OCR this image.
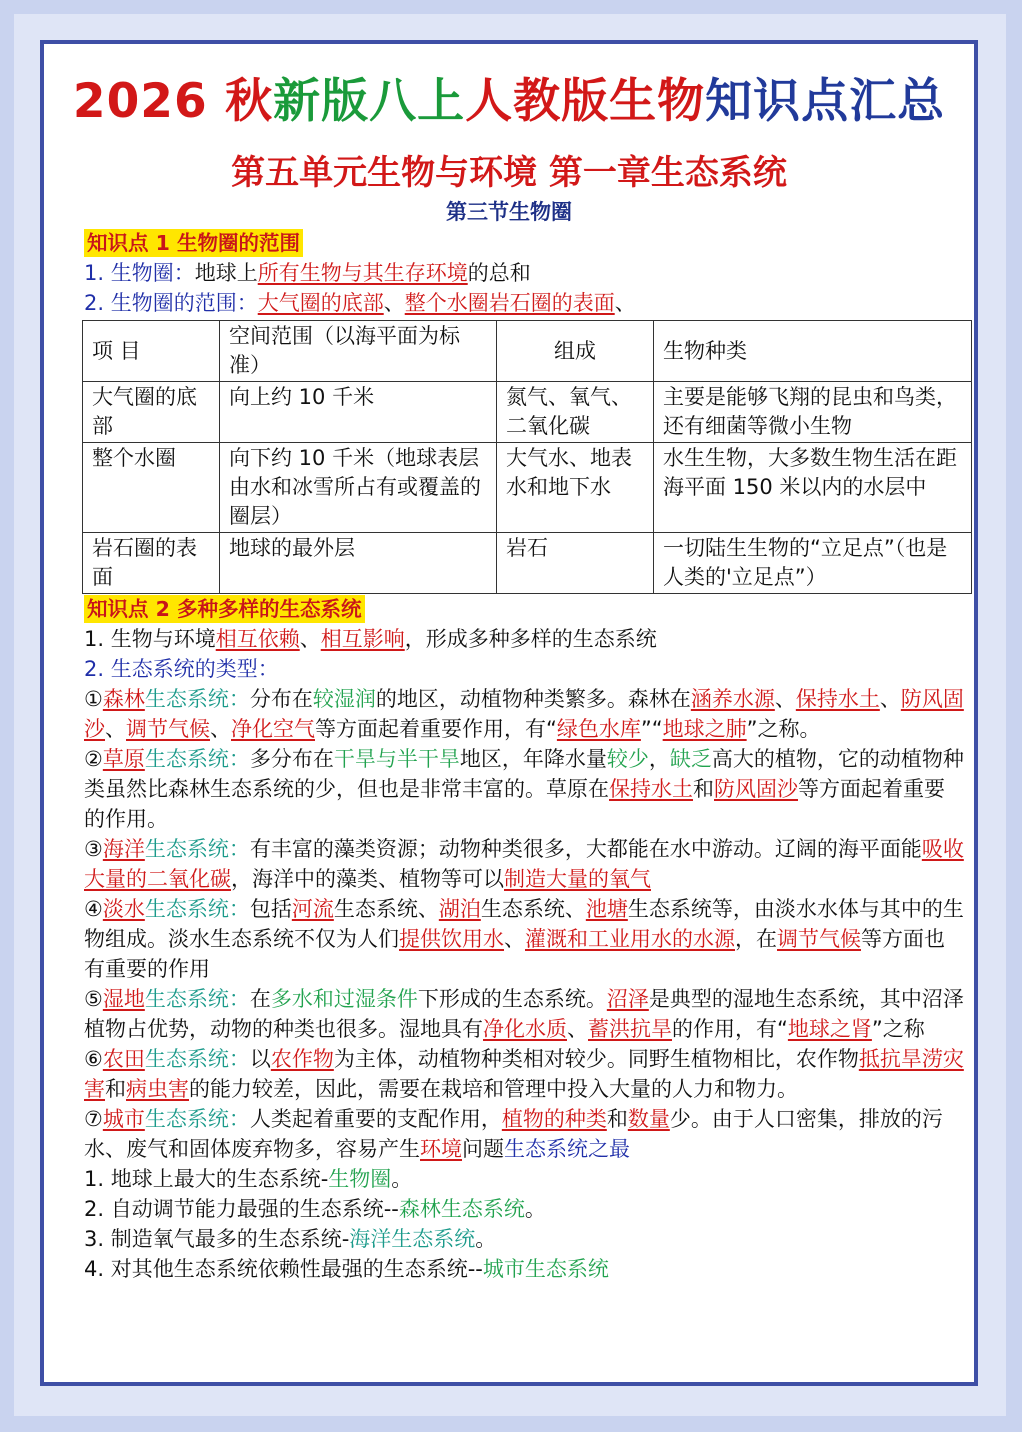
2026 秋新版八上人教版生物知识点汇总
第五单元生物与环境 第一章生态系统
第三节生物圈

知识点 1 生物圈的范围

1. 生物圈：地球上所有生物与其生存环境的总和

2. 生物圈的范围：大气圈的底部、整个水圈岩石圈的表面、

项 目	空间范围（以海平面为标准）	组成	生物种类
大气圈的底部	向上约 10 千米	氮气、氧气、二氧化碳	主要是能够飞翔的昆虫和鸟类，还有细菌等微小生物
整个水圈	向下约 10 千米（地球表层由水和冰雪所占有或覆盖的圈层）	大气水、地表水和地下水	水生生物，大多数生物生活在距海平面 150 米以内的水层中
岩石圈的表面	地球的最外层	岩石	一切陆生生物的“立足点”（也是人类的'立足点”）

知识点 2 多种多样的生态系统

1. 生物与环境相互依赖、相互影响，形成多种多样的生态系统

2. 生态系统的类型：

①森林生态系统：分布在较湿润的地区，动植物种类繁多。森林在涵养水源、保持水土、防风固沙、调节气候、净化空气等方面起着重要作用，有“绿色水库”“地球之肺”之称。

②草原生态系统：多分布在干旱与半干旱地区，年降水量较少，缺乏高大的植物，它的动植物种类虽然比森林生态系统的少，但也是非常丰富的。草原在保持水土和防风固沙等方面起着重要的作用。

③海洋生态系统：有丰富的藻类资源；动物种类很多，大都能在水中游动。辽阔的海平面能吸收大量的二氧化碳，海洋中的藻类、植物等可以制造大量的氧气

④淡水生态系统：包括河流生态系统、湖泊生态系统、池塘生态系统等，由淡水水体与其中的生物组成。淡水生态系统不仅为人们提供饮用水、灌溉和工业用水的水源，在调节气候等方面也有重要的作用

⑤湿地生态系统：在多水和过湿条件下形成的生态系统。沼泽是典型的湿地生态系统，其中沼泽植物占优势，动物的种类也很多。湿地具有净化水质、蓄洪抗旱的作用，有“地球之肾”之称

⑥农田生态系统：以农作物为主体，动植物种类相对较少。同野生植物相比，农作物抵抗旱涝灾害和病虫害的能力较差，因此，需要在栽培和管理中投入大量的人力和物力。

⑦城市生态系统：人类起着重要的支配作用，植物的种类和数量少。由于人口密集，排放的污水、废气和固体废弃物多，容易产生环境问题生态系统之最

1. 地球上最大的生态系统-生物圈。

2. 自动调节能力最强的生态系统--森林生态系统。

3. 制造氧气最多的生态系统-海洋生态系统。

4. 对其他生态系统依赖性最强的生态系统--城市生态系统
